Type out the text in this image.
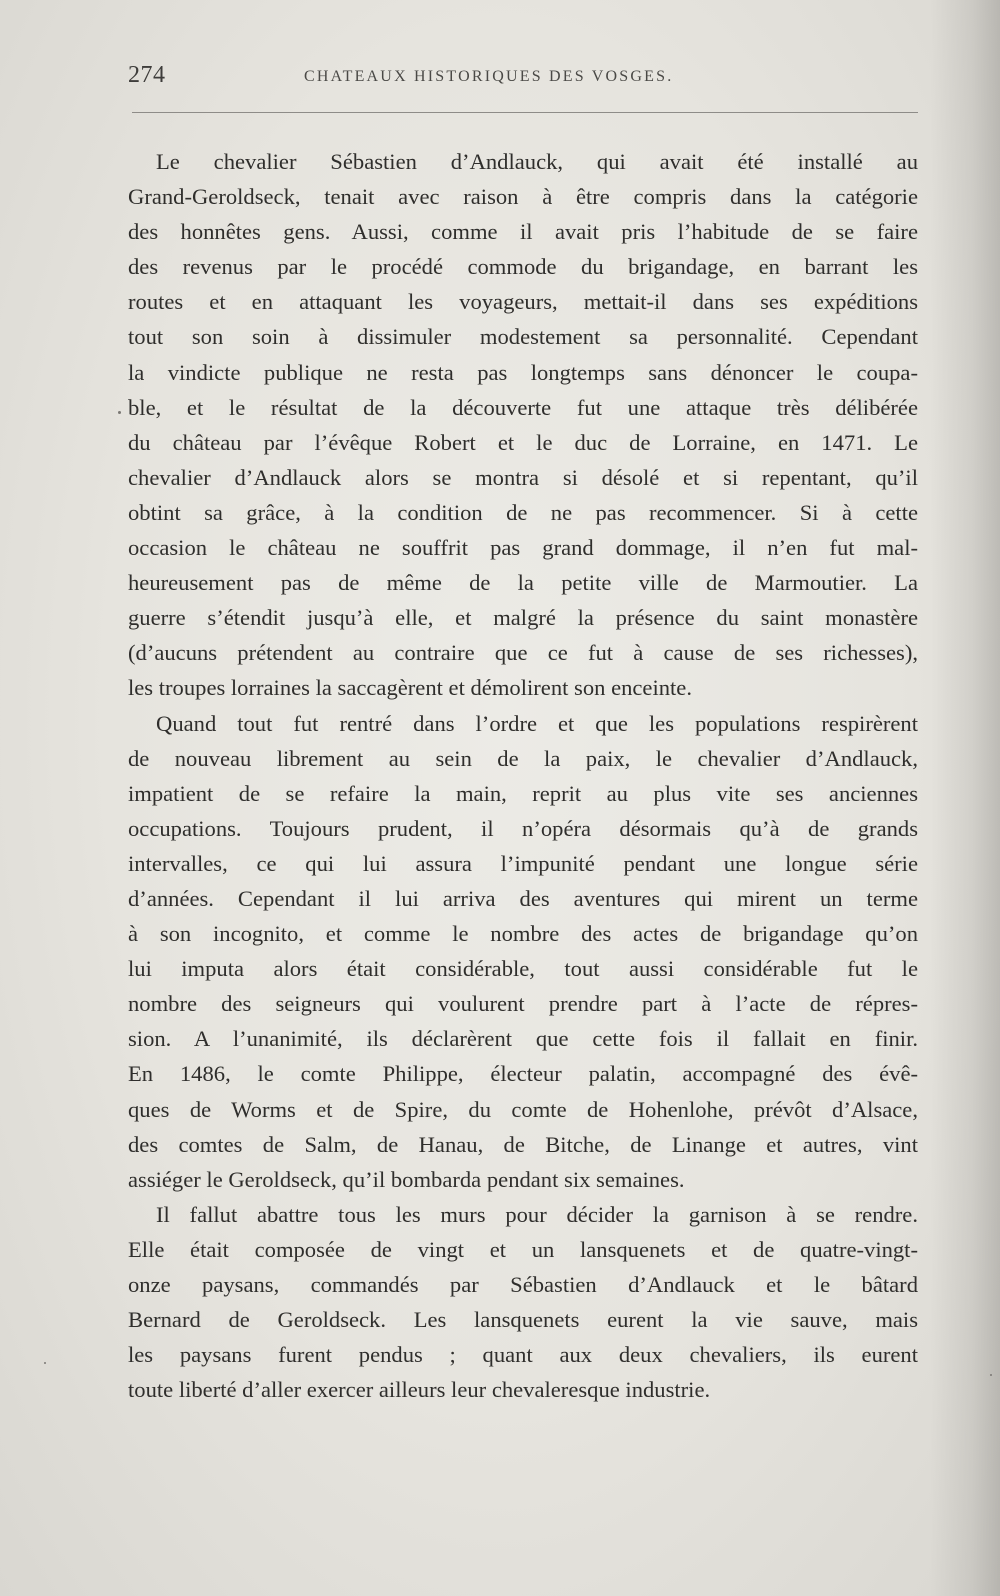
274	CHATEAUX HISTORIQUES DES VOSGES.
Le chevalier Sébastien d’Andlauck, qui avait été installé au
Grand-Geroldseck, tenait avec raison à être compris dans la catégorie
des honnêtes gens. Aussi, comme il avait pris l’habitude de se faire
des revenus par le procédé commode du brigandage, en barrant les
routes et en attaquant les voyageurs, mettait-il dans ses expéditions
tout son soin à dissimuler modestement sa personnalité. Cependant
la vindicte publique ne resta pas longtemps sans dénoncer le coupa-
ble, et le résultat de la découverte fut une attaque très délibérée
du château par l’évêque Robert et le duc de Lorraine, en 1471. Le
chevalier d’Andlauck alors se montra si désolé et si repentant, qu’il
obtint sa grâce, à la condition de ne pas recommencer. Si à cette
occasion le château ne souffrit pas grand dommage, il n’en fut mal-
heureusement pas de même de la petite ville de Marmoutier. La
guerre s’étendit jusqu’à elle, et malgré la présence du saint monastère
(d’aucuns prétendent au contraire que ce fut à cause de ses richesses),
les troupes lorraines la saccagèrent et démolirent son enceinte.
Quand tout fut rentré dans l’ordre et que les populations respirèrent
de nouveau librement au sein de la paix, le chevalier d’Andlauck,
impatient de se refaire la main, reprit au plus vite ses anciennes
occupations. Toujours prudent, il n’opéra désormais qu’à de grands
intervalles, ce qui lui assura l’impunité pendant une longue série
d’années. Cependant il lui arriva des aventures qui mirent un terme
à son incognito, et comme le nombre des actes de brigandage qu’on
lui imputa alors était considérable, tout aussi considérable fut le
nombre des seigneurs qui voulurent prendre part à l’acte de répres-
sion. A l’unanimité, ils déclarèrent que cette fois il fallait en finir.
En 1486, le comte Philippe, électeur palatin, accompagné des évê-
ques de Worms et de Spire, du comte de Hohenlohe, prévôt d’Alsace,
des comtes de Salm, de Hanau, de Bitche, de Linange et autres, vint
assiéger le Geroldseck, qu’il bombarda pendant six semaines.
Il fallut abattre tous les murs pour décider la garnison à se rendre.
Elle était composée de vingt et un lansquenets et de quatre-vingt-
onze paysans, commandés par Sébastien d’Andlauck et le bâtard
Bernard de Geroldseck. Les lansquenets eurent la vie sauve, mais
les paysans furent pendus ; quant aux deux chevaliers, ils eurent
toute liberté d’aller exercer ailleurs leur chevaleresque industrie.
